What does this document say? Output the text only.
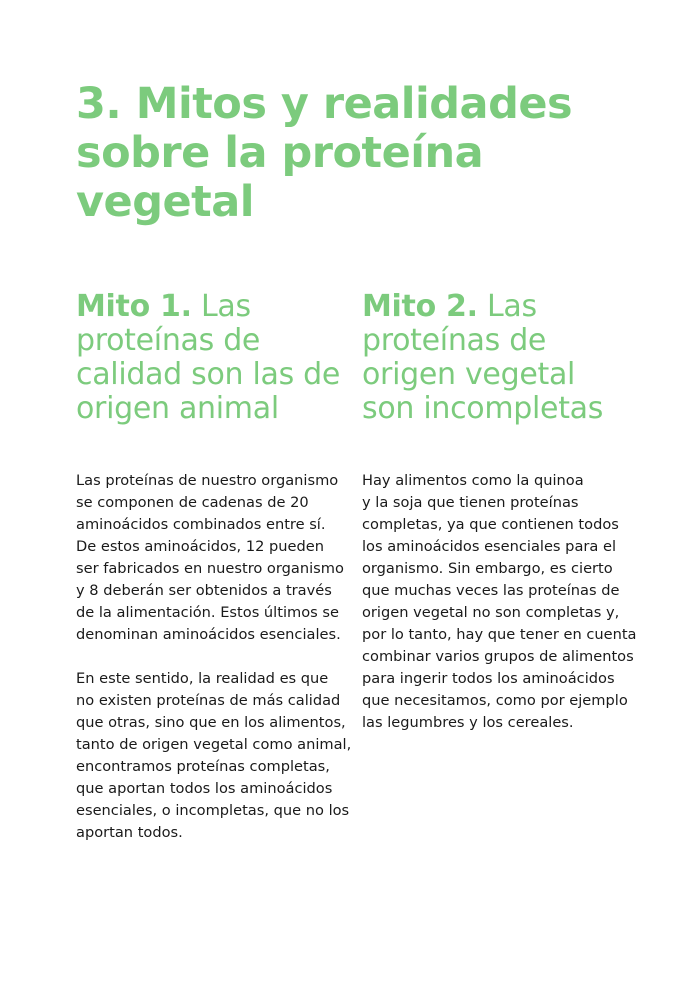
3. Mitos y realidades
sobre la proteína
vegetal
Mito 1. Las
proteínas de
calidad son las de
origen animal
Mito 2. Las
proteínas de
origen vegetal
son incompletas

Las proteínas de nuestro organismo
se componen de cadenas de 20
aminoácidos combinados entre sí.
De estos aminoácidos, 12 pueden
ser fabricados en nuestro organismo
y 8 deberán ser obtenidos a través
de la alimentación. Estos últimos se
denominan aminoácidos esenciales.

En este sentido, la realidad es que
no existen proteínas de más calidad
que otras, sino que en los alimentos,
tanto de origen vegetal como animal,
encontramos proteínas completas,
que aportan todos los aminoácidos
esenciales, o incompletas, que no los
aportan todos.

Hay alimentos como la quinoa
y la soja que tienen proteínas
completas, ya que contienen todos
los aminoácidos esenciales para el
organismo. Sin embargo, es cierto
que muchas veces las proteínas de
origen vegetal no son completas y,
por lo tanto, hay que tener en cuenta
combinar varios grupos de alimentos
para ingerir todos los aminoácidos
que necesitamos, como por ejemplo
las legumbres y los cereales.
